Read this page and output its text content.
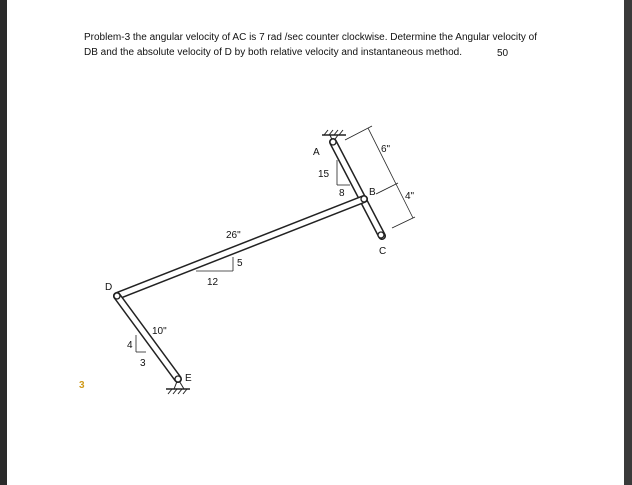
Problem-3 the angular velocity of AC is 7 rad /sec counter clockwise. Determine the Angular velocity of
DB and the absolute velocity of D by both relative velocity and instantaneous method.	50
3
A
B
C
D
E
6"
4"
26"
10"
15
8
5
12
4
3
